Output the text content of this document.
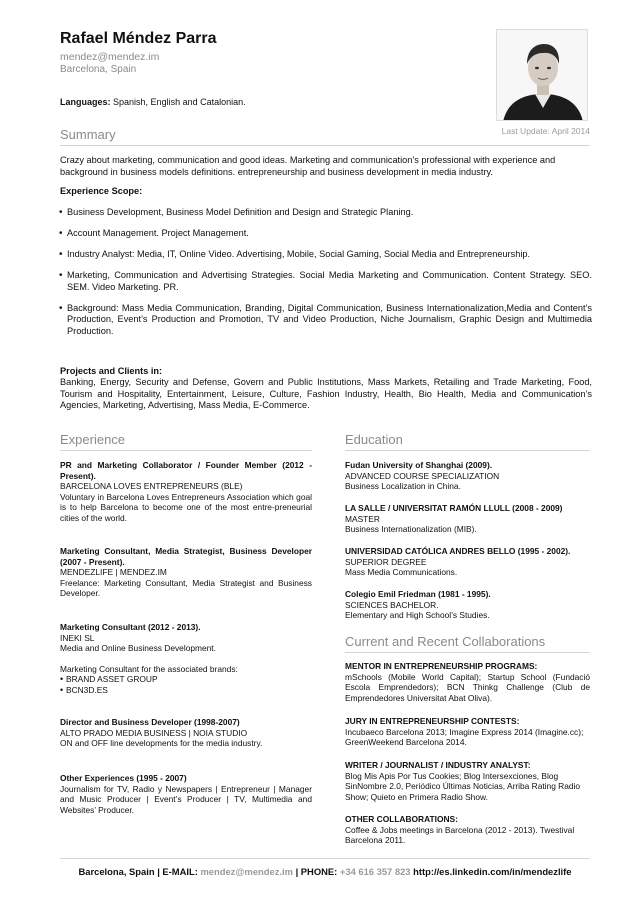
Rafael Méndez Parra
mendez@mendez.im
Barcelona, Spain
Languages: Spanish, English and Catalonian.
Last Update: April 2014
Summary
Crazy about marketing, communication and good ideas. Marketing and communication’s professional with experience and background in business models definitions. entrepreneurship and business development in media industry.
Experience Scope:
• Business Development, Business Model Definition and Design and Strategic Planing.
• Account Management. Project Management.
• Industry Analyst: Media, IT, Online Video. Advertising, Mobile, Social Gaming, Social Media and Entrepreneurship.
• Marketing, Communication and Advertising Strategies. Social Media Marketing and Communication. Content Strategy. SEO. SEM. Video Marketing. PR.
• Background: Mass Media Communication, Branding, Digital Communication, Business Internationalization,Media and Content’s Production, Event’s Production and Promotion, TV and Video Production, Niche Journalism, Graphic Design and Multimedia Production.
Projects and Clients in:
Banking, Energy, Security and Defense, Govern and Public Institutions, Mass Markets, Retailing and Trade Marketing, Food, Tourism and Hospitality, Entertainment, Leisure, Culture, Fashion Industry, Health, Bio Health, Media and Communication’s Agencies, Marketing, Advertising, Mass Media, E-Commerce.
Experience

PR and Marketing Collaborator / Founder Member (2012 - Present).

BARCELONA LOVES ENTREPRENEURS (BLE)

Voluntary in Barcelona Loves Entrepreneurs Association which goal is to help Barcelona to become one of the most entre-preneurial cities of the world.

Marketing Consultant, Media Strategist, Business Developer (2007 - Present).

MENDEZLIFE | MENDEZ.IM

Freelance: Marketing Consultant, Media Strategist and Business Developer.

Marketing Consultant (2012 - 2013).

INEKI SL

Media and Online Business Development.

Marketing Consultant for the associated brands:

• BRAND ASSET GROUP
• BCN3D.ES

Director and Business Developer (1998-2007)

ALTO PRADO MEDIA BUSINESS | NOIA STUDIO

ON and OFF line developments for the media industry.

Other Experiences (1995 - 2007)

Journalism for TV, Radio y Newspapers | Entrepreneur | Manager and Music Producer | Event’s Producer | TV, Multimedia and Websites’ Producer.

Education

Fudan University of Shanghai (2009).

ADVANCED COURSE SPECIALIZATION

Business Localization in China.

LA SALLE / UNIVERSITAT RAMÓN LLULL (2008 - 2009)

MASTER

Business Internationalization (MIB).

UNIVERSIDAD CATÓLICA ANDRES BELLO (1995 - 2002).

SUPERIOR DEGREE

Mass Media Communications.

Colegio Emil Friedman (1981 - 1995).

SCIENCES BACHELOR.

Elementary and High School’s Studies.

Current and Recent Collaborations

MENTOR IN ENTREPRENEURSHIP PROGRAMS:

mSchools (Mobile World Capital); Startup School (Fundació Escola Emprendedors); BCN Thinkg Challenge (Club de Emprendedores Universitat Abat Oliva).

JURY IN ENTREPRENEURSHIP CONTESTS:

Incubaeco Barcelona 2013; Imagine Express 2014 (Imagine.cc); GreenWeekend Barcelona 2014.

WRITER / JOURNALIST / INDUSTRY ANALYST:

Blog Mis Apis Por Tus Cookies; Blog Intersexciones, Blog SinNombre 2.0, Periódico Últimas Noticias, Arriba Rating Radio Show; Quieto en Primera Radio Show.

OTHER COLLABORATIONS:

Coffee & Jobs meetings in Barcelona (2012 - 2013). Twestival Barcelona 2011.

Barcelona, Spain | E-MAIL: mendez@mendez.im | PHONE: +34 616 357 823 http://es.linkedin.com/in/mendezlife
